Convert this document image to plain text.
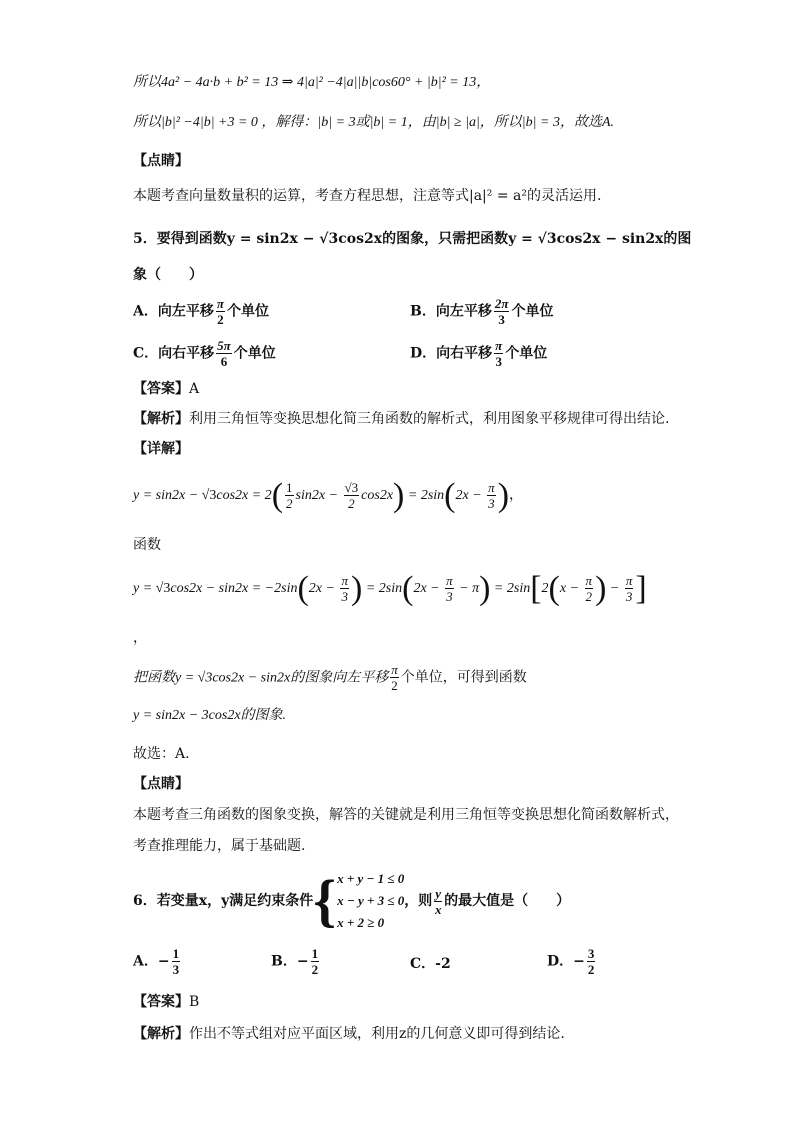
所以4a² − 4a·b + b² = 13 ⇒ 4|a|² −4|a||b|cos60° + |b|² = 13，
所以|b|² −4|b| +3 = 0 ，解得：|b| = 3或|b| = 1，由|b| ≥ |a|，所以|b| = 3，故选A.
【点睛】
本题考查向量数量积的运算，考查方程思想，注意等式|a|² = a²的灵活运用.
5．要得到函数y = sin2x − √3cos2x的图象，只需把函数y = √3cos2x − sin2x的图
象（　　）
A．向左平移 $\frac{\pi}{2}$ 个单位	B．向左平移 $\frac{2\pi}{3}$ 个单位
C．向右平移 $\frac{5\pi}{6}$ 个单位	D．向右平移 $\frac{\pi}{3}$ 个单位
【答案】A
【解析】利用三角恒等变换思想化简三角函数的解析式，利用图象平移规律可得出结论.
【详解】
$y = \sin 2x - √3\cos 2x = 2( \frac{1}{2} \sin 2x - \frac{√3}{2} \cos 2x) = 2\sin(2x - \frac{\pi}{3}$ )，
函数
$y = √3\cos 2x - \sin 2x = -2\sin(2x - \frac{\pi}{3}$ ) = $2\sin(2x - \frac{\pi}{3} - \pi) = 2\sin[2(x - \frac{\pi}{2}$ ) − $\frac{\pi}{3}$ ]
，
把函数y = √3cos2x − sin2x的图象向左平移 $\frac{\pi}{2}$ 个单位，可得到函数
y = sin2x − 3cos2x的图象.
故选：A.
【点睛】
本题考查三角函数的图象变换，解答的关键就是利用三角恒等变换思想化简函数解析式，
考查推理能力，属于基础题.
6．若变量x，y满足约束条件 { x + y − 1 ≤ 0
x − y + 3 ≤ 0
x + 2 ≥ 0
，则 $\frac{y}{x}$ 的最大值是（　　）
A．− $\frac{1}{3}$	B．− $\frac{1}{2}$	C．-2	D．− $\frac{3}{2}$
【答案】B
【解析】作出不等式组对应平面区域，利用z的几何意义即可得到结论.
